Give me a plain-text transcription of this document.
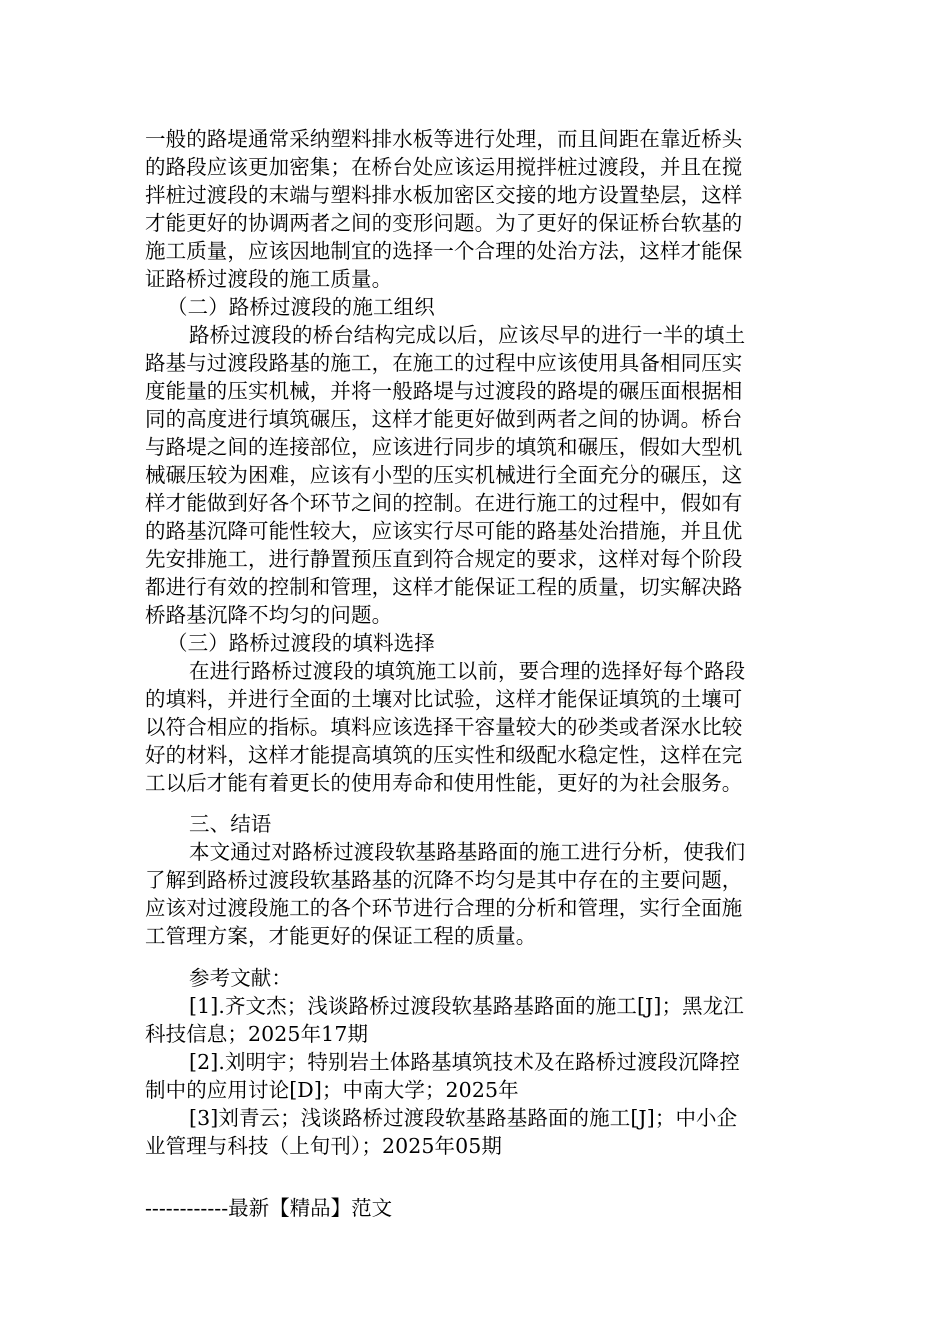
一般的路堤通常采纳塑料排水板等进行处理，而且间距在靠近桥头
的路段应该更加密集；在桥台处应该运用搅拌桩过渡段，并且在搅
拌桩过渡段的末端与塑料排水板加密区交接的地方设置垫层，这样
才能更好的协调两者之间的变形问题。为了更好的保证桥台软基的
施工质量，应该因地制宜的选择一个合理的处治方法，这样才能保
证路桥过渡段的施工质量。
（二）路桥过渡段的施工组织
路桥过渡段的桥台结构完成以后，应该尽早的进行一半的填土
路基与过渡段路基的施工，在施工的过程中应该使用具备相同压实
度能量的压实机械，并将一般路堤与过渡段的路堤的碾压面根据相
同的高度进行填筑碾压，这样才能更好做到两者之间的协调。桥台
与路堤之间的连接部位，应该进行同步的填筑和碾压，假如大型机
械碾压较为困难，应该有小型的压实机械进行全面充分的碾压，这
样才能做到好各个环节之间的控制。在进行施工的过程中，假如有
的路基沉降可能性较大，应该实行尽可能的路基处治措施，并且优
先安排施工，进行静置预压直到符合规定的要求，这样对每个阶段
都进行有效的控制和管理，这样才能保证工程的质量，切实解决路
桥路基沉降不均匀的问题。
（三）路桥过渡段的填料选择
在进行路桥过渡段的填筑施工以前，要合理的选择好每个路段
的填料，并进行全面的土壤对比试验，这样才能保证填筑的土壤可
以符合相应的指标。填料应该选择干容量较大的砂类或者深水比较
好的材料，这样才能提高填筑的压实性和级配水稳定性，这样在完
工以后才能有着更长的使用寿命和使用性能，更好的为社会服务。
三、结语
本文通过对路桥过渡段软基路基路面的施工进行分析，使我们
了解到路桥过渡段软基路基的沉降不均匀是其中存在的主要问题，
应该对过渡段施工的各个环节进行合理的分析和管理，实行全面施
工管理方案，才能更好的保证工程的质量。
参考文献：
[1].齐文杰；浅谈路桥过渡段软基路基路面的施工[J]；黑龙江
科技信息；2025年17期
[2].刘明宇；特别岩土体路基填筑技术及在路桥过渡段沉降控
制中的应用讨论[D]；中南大学；2025年
[3]刘青云；浅谈路桥过渡段软基路基路面的施工[J]；中小企
业管理与科技（上旬刊）；2025年05期
------------最新【精品】范文
